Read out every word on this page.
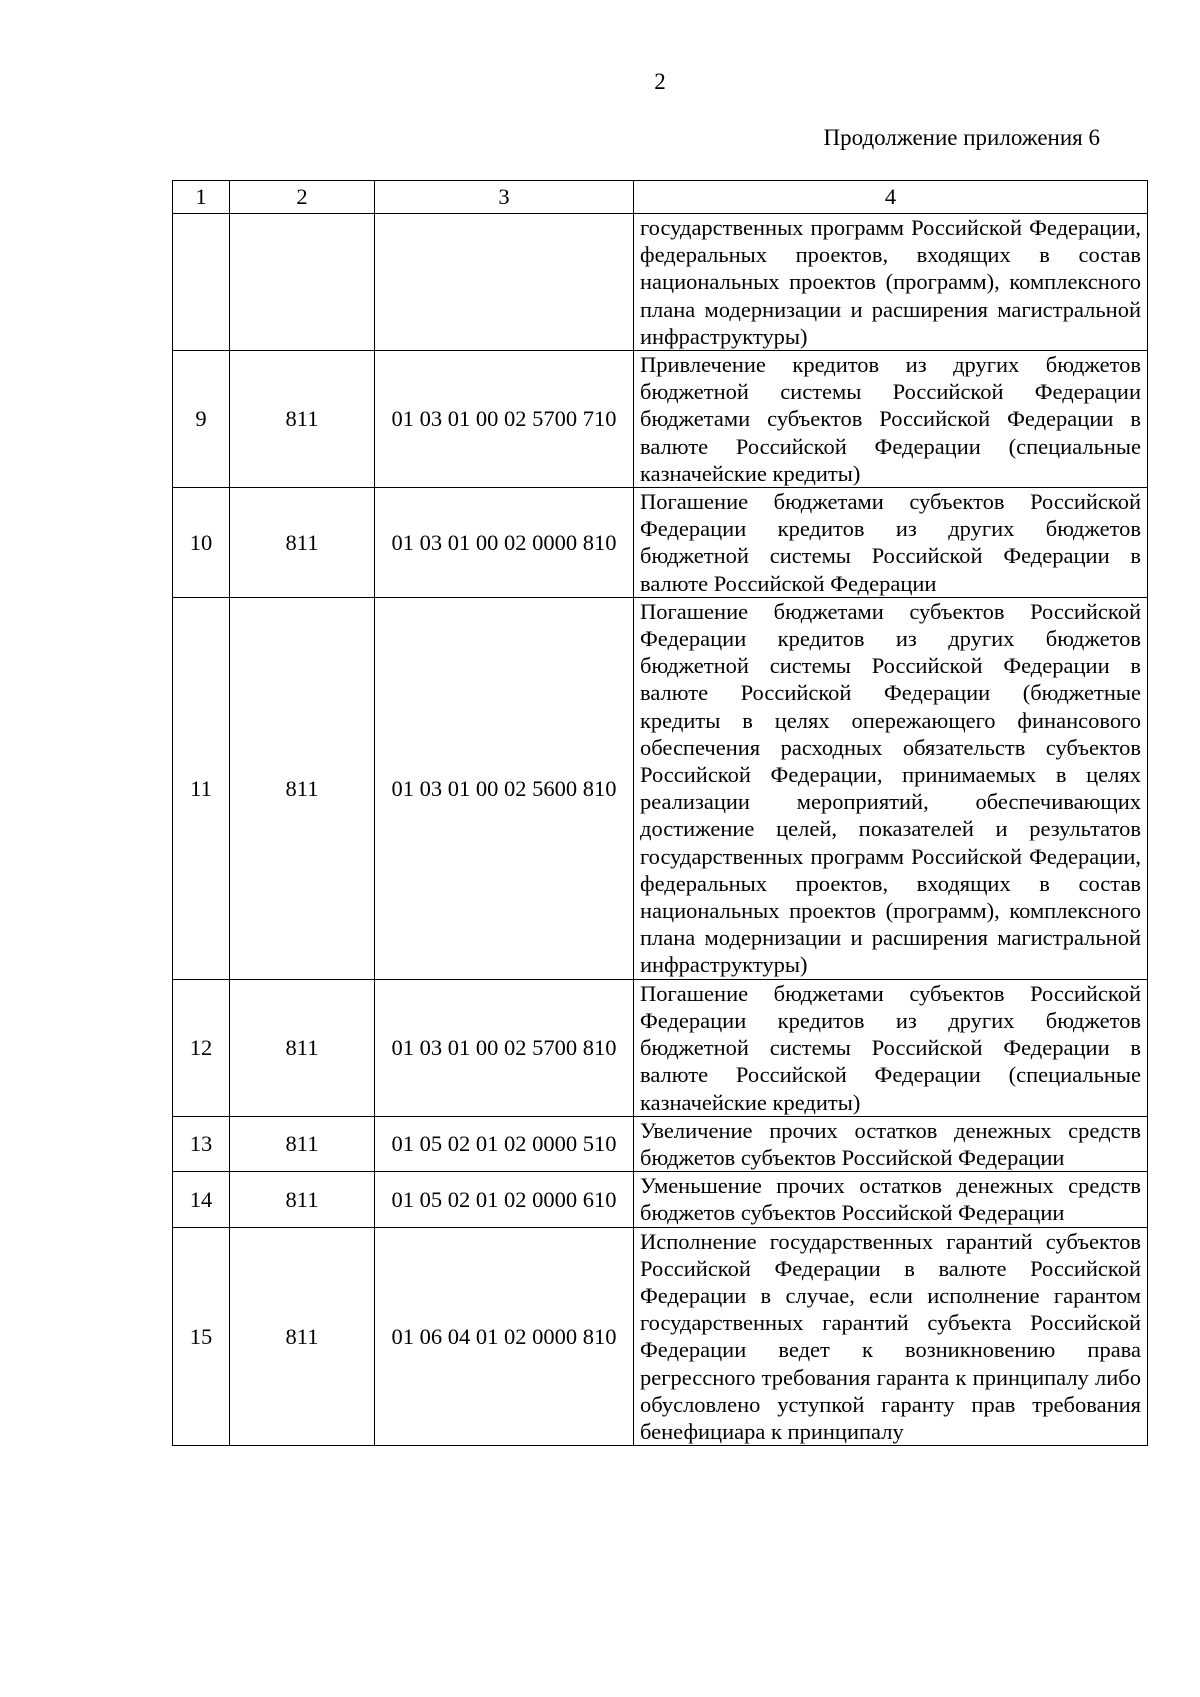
2
Продолжение приложения 6
1	2	3	4
			государственных программ Российской Федерации, федеральных проектов, входящих в состав национальных проектов (программ), комплексного плана модернизации и расширения магистральной инфраструктуры)
9	811	01 03 01 00 02 5700 710	Привлечение кредитов из других бюджетов бюджетной системы Российской Федерации бюджетами субъектов Российской Федерации в валюте Российской Федерации (специальные казначейские кредиты)
10	811	01 03 01 00 02 0000 810	Погашение бюджетами субъектов Российской Федерации кредитов из других бюджетов бюджетной системы Российской Федерации в валюте Российской Федерации
11	811	01 03 01 00 02 5600 810	Погашение бюджетами субъектов Российской Федерации кредитов из других бюджетов бюджетной системы Российской Федерации в валюте Российской Федерации (бюджетные кредиты в целях опережающего финансового обеспечения расходных обязательств субъектов Российской Федерации, принимаемых в целях реализации мероприятий, обеспечивающих достижение целей, показателей и результатов государственных программ Российской Федерации, федеральных проектов, входящих в состав национальных проектов (программ), комплексного плана модернизации и расширения магистральной инфраструктуры)
12	811	01 03 01 00 02 5700 810	Погашение бюджетами субъектов Российской Федерации кредитов из других бюджетов бюджетной системы Российской Федерации в валюте Российской Федерации (специальные казначейские кредиты)
13	811	01 05 02 01 02 0000 510	Увеличение прочих остатков денежных средств бюджетов субъектов Российской Федерации
14	811	01 05 02 01 02 0000 610	Уменьшение прочих остатков денежных средств бюджетов субъектов Российской Федерации
15	811	01 06 04 01 02 0000 810	Исполнение государственных гарантий субъектов Российской Федерации в валюте Российской Федерации в случае, если исполнение гарантом государственных гарантий субъекта Российской Федерации ведет к возникновению права регрессного требования гаранта к принципалу либо обусловлено уступкой гаранту прав требования бенефициара к принципалу
